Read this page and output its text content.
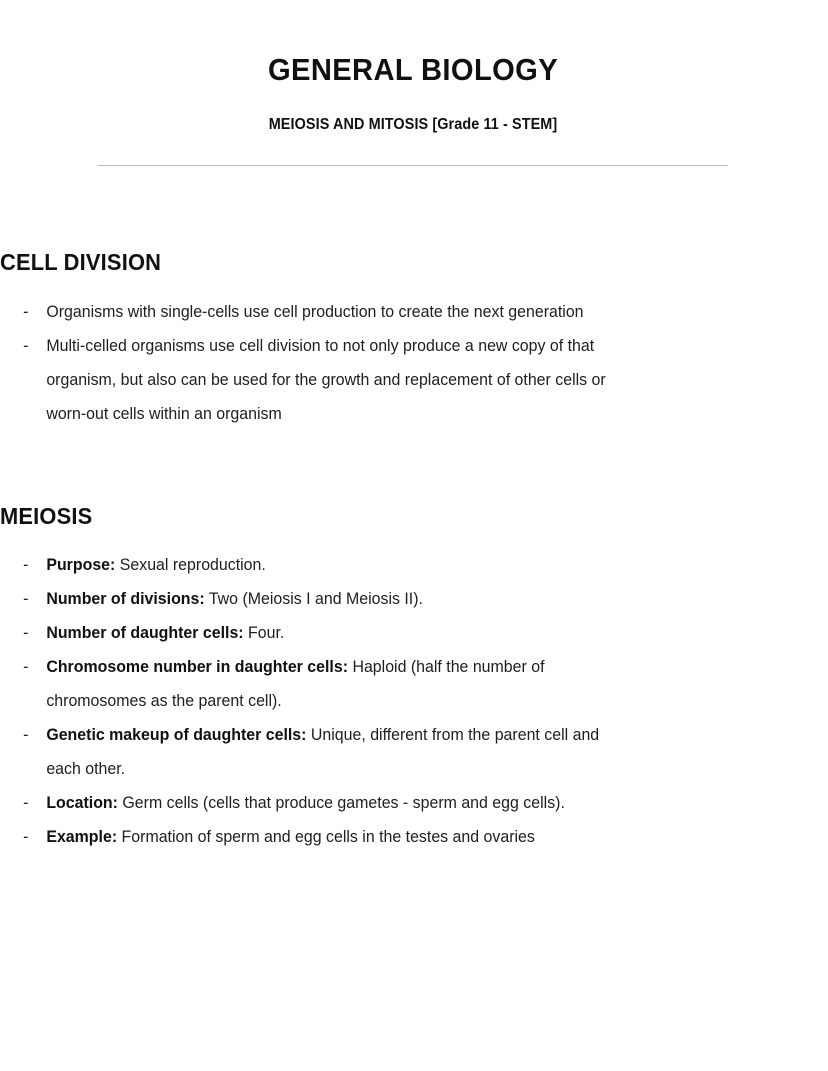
GENERAL BIOLOGY
MEIOSIS AND MITOSIS [Grade 11 - STEM]
CELL DIVISION
- Organisms with single-cells use cell production to create the next generation
- Multi-celled organisms use cell division to not only produce a new copy of that organism, but also can be used for the growth and replacement of other cells or worn-out cells within an organism
MEIOSIS
- Purpose: Sexual reproduction.
- Number of divisions: Two (Meiosis I and Meiosis II).
- Number of daughter cells: Four.
- Chromosome number in daughter cells: Haploid (half the number of chromosomes as the parent cell).
- Genetic makeup of daughter cells: Unique, different from the parent cell and each other.
- Location: Germ cells (cells that produce gametes - sperm and egg cells).
- Example: Formation of sperm and egg cells in the testes and ovaries
